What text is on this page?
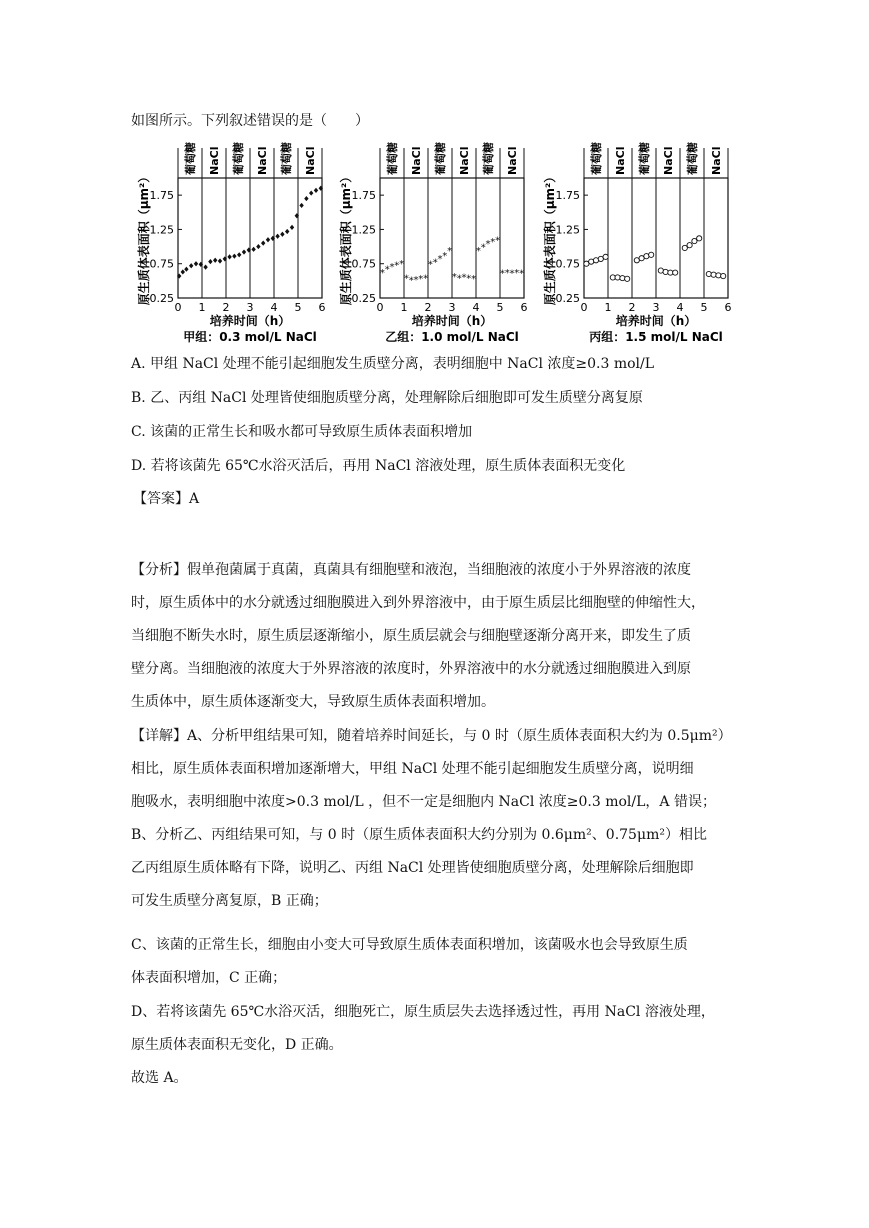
如图所示。下列叙述错误的是（　　）
葡萄糖 NaCl 葡萄糖 NaCl 葡萄糖 NaCl
0.25
0.75
1.25
1.75
0 1 2 3 4 5 6
培养时间（h）
原生质体表面积（μm²）
甲组：0.3 mol/L NaCl
葡萄糖 NaCl 葡萄糖 NaCl 葡萄糖 NaCl
0.25
0.75
1.25
1.75
0 1 2 3 4 5 6
培养时间（h）
原生质体表面积（μm²）
乙组：1.0 mol/L NaCl
* * * * *
* * * * *
* * * * *
* * * * *
* * * * *
* * * * *
葡萄糖 NaCl 葡萄糖 NaCl 葡萄糖 NaCl
0.25
0.75
1.25
1.75
0 1 2 3 4 5 6
培养时间（h）
原生质体表面积（μm²）
丙组：1.5 mol/L NaCl
A. 甲组 NaCl 处理不能引起细胞发生质壁分离，表明细胞中 NaCl 浓度≥0.3 mol/L
B. 乙、丙组 NaCl 处理皆使细胞质壁分离，处理解除后细胞即可发生质壁分离复原
C. 该菌的正常生长和吸水都可导致原生质体表面积增加
D. 若将该菌先 65℃水浴灭活后，再用 NaCl 溶液处理，原生质体表面积无变化
【答案】A
【分析】假单孢菌属于真菌，真菌具有细胞壁和液泡，当细胞液的浓度小于外界溶液的浓度
时，原生质体中的水分就透过细胞膜进入到外界溶液中，由于原生质层比细胞壁的伸缩性大，
当细胞不断失水时，原生质层逐渐缩小，原生质层就会与细胞壁逐渐分离开来，即发生了质
壁分离。当细胞液的浓度大于外界溶液的浓度时，外界溶液中的水分就透过细胞膜进入到原
生质体中，原生质体逐渐变大，导致原生质体表面积增加。
【详解】A、分析甲组结果可知，随着培养时间延长，与 0 时（原生质体表面积大约为 0.5μm²）
相比，原生质体表面积增加逐渐增大，甲组 NaCl 处理不能引起细胞发生质壁分离，说明细
胞吸水，表明细胞中浓度>0.3 mol/L ，但不一定是细胞内 NaCl 浓度≥0.3 mol/L，A 错误；
B、分析乙、丙组结果可知，与 0 时（原生质体表面积大约分别为 0.6μm²、0.75μm²）相比
乙丙组原生质体略有下降，说明乙、丙组 NaCl 处理皆使细胞质壁分离，处理解除后细胞即
可发生质壁分离复原，B 正确；
C、该菌的正常生长，细胞由小变大可导致原生质体表面积增加，该菌吸水也会导致原生质
体表面积增加，C 正确；
D、若将该菌先 65℃水浴灭活，细胞死亡，原生质层失去选择透过性，再用 NaCl 溶液处理，
原生质体表面积无变化，D 正确。
故选 A。
